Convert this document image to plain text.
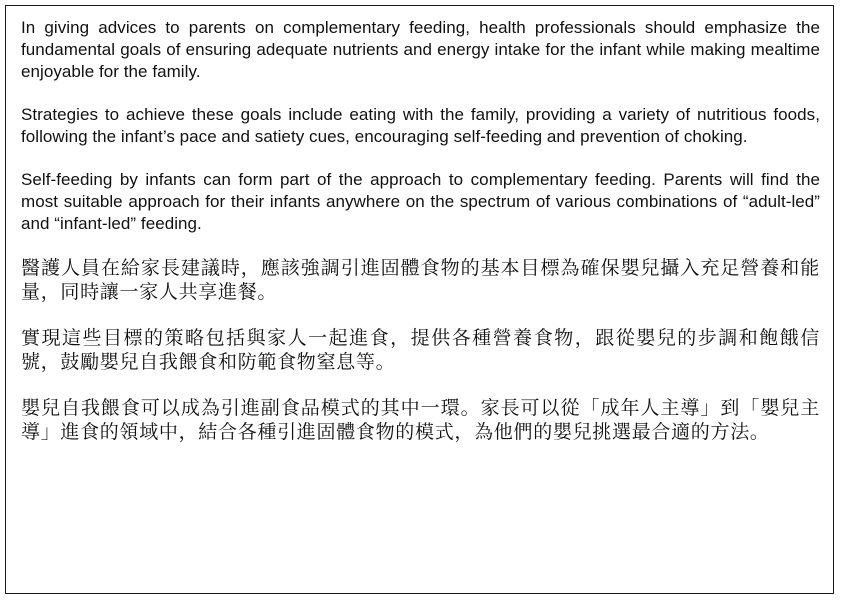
In giving advices to parents on complementary feeding, health professionals should emphasize the fundamental goals of ensuring adequate nutrients and energy intake for the infant while making mealtime enjoyable for the family.

Strategies to achieve these goals include eating with the family, providing a variety of nutritious foods, following the infant’s pace and satiety cues, encouraging self-feeding and prevention of choking.

Self-feeding by infants can form part of the approach to complementary feeding. Parents will find the most suitable approach for their infants anywhere on the spectrum of various combinations of “adult-led” and “infant-led” feeding.

醫護人員在給家長建議時，應該強調引進固體食物的基本目標為確保嬰兒攝入充足營養和能量，同時讓一家人共享進餐。

實現這些目標的策略包括與家人一起進食，提供各種營養食物，跟從嬰兒的步調和飽餓信號，鼓勵嬰兒自我餵食和防範食物窒息等。

嬰兒自我餵食可以成為引進副食品模式的其中一環。家長可以從「成年人主導」到「嬰兒主導」進食的領域中，結合各種引進固體食物的模式，為他們的嬰兒挑選最合適的方法。
